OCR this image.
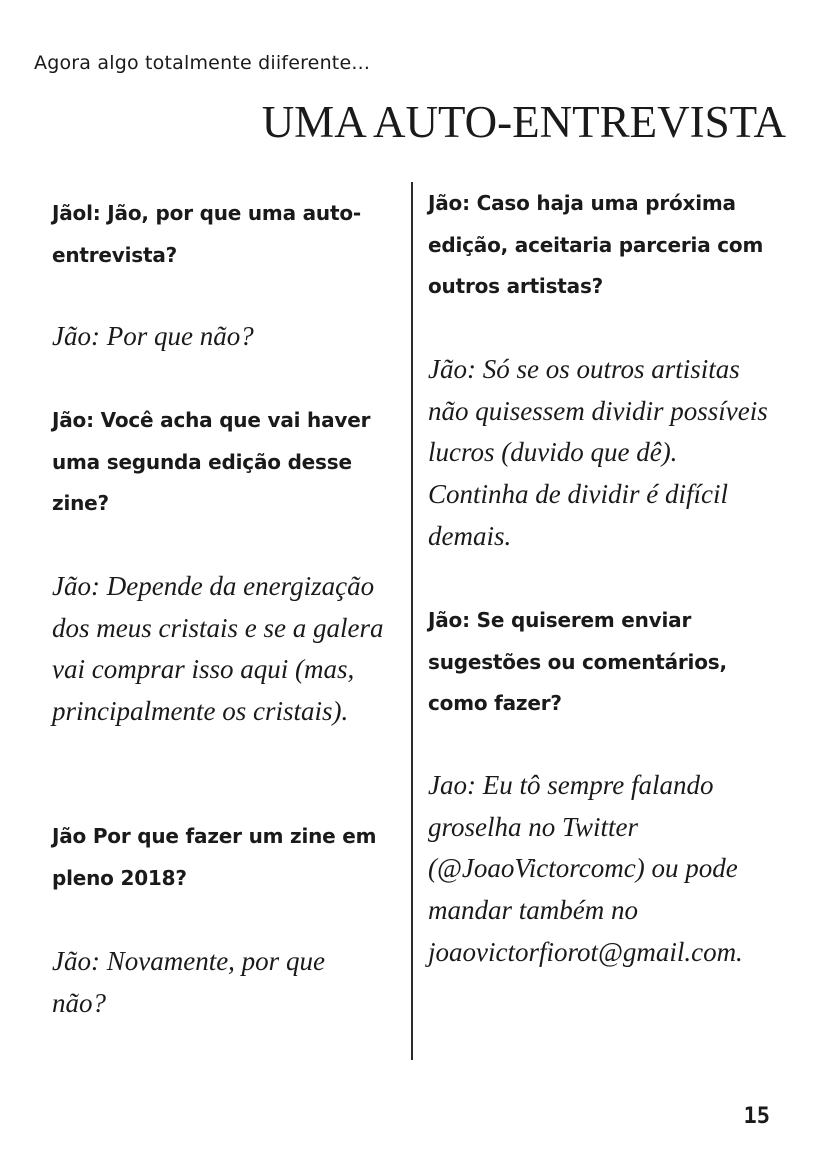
Agora algo totalmente diiferente...
UMA AUTO-ENTREVISTA

Jãol: Jão, por que uma auto-entrevista?

Jão: Por que não?

Jão: Você acha que vai haver uma segunda edição desse zine?

Jão: Depende da energização dos meus cristais e se a galera vai comprar isso aqui (mas, principalmente os cristais).

Jão Por que fazer um zine em pleno 2018?

Jão: Novamente, por que não?

Jão: Caso haja uma próxima edição, aceitaria parceria com outros artistas?

Jão: Só se os outros artisitas não quisessem dividir possíveis lucros (duvido que dê). Continha de dividir é difícil demais.

Jão: Se quiserem enviar sugestões ou comentários, como fazer?

Jao: Eu tô sempre falando groselha no Twitter (@JoaoVictorcomc) ou pode mandar também no joaovictorfiorot@gmail.com.

15
